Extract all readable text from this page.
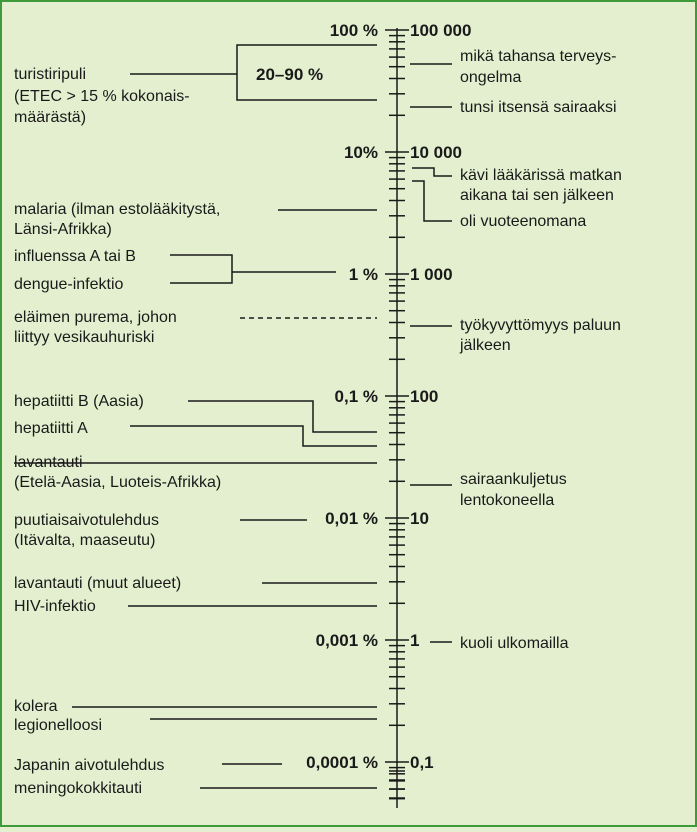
100 % 100 000
10% 10 000
1 % 1 000
0,1 % 100
0,01 % 10
0,001 % 1
0,0001 % 0,1
turistiripuli
(ETEC > 15 % kokonais-
määrästä)
20–90 %
malaria (ilman estolääkitystä,
Länsi-Afrikka)
influenssa A tai B
dengue-infektio
eläimen purema, johon
liittyy vesikauhuriski
hepatiitti B (Aasia)
hepatiitti A
lavantauti
(Etelä-Aasia, Luoteis-Afrikka)
puutiaisaivotulehdus
(Itävalta, maaseutu)
lavantauti (muut alueet)
HIV-infektio
kolera
legionelloosi
Japanin aivotulehdus
meningokokkitauti
mikä tahansa terveys-
ongelma
tunsi itsensä sairaaksi
kävi lääkärissä matkan
aikana tai sen jälkeen
oli vuoteenomana
työkyvyttömyys paluun
jälkeen
sairaankuljetus
lentokoneella
kuoli ulkomailla
